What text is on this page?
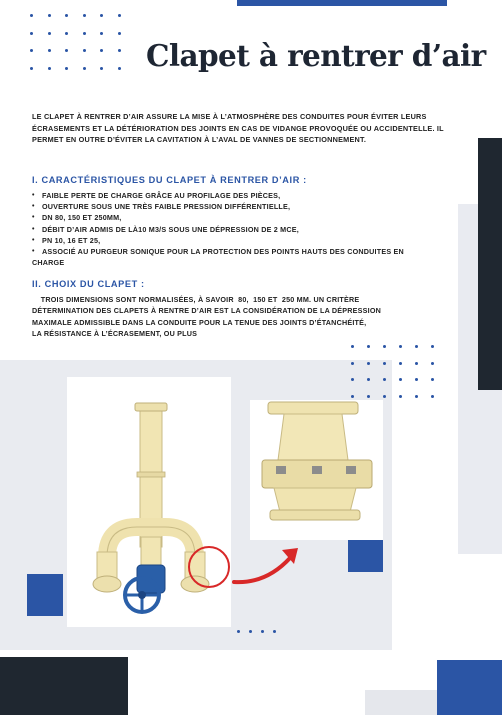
Clapet à rentrer d’air
LE CLAPET À RENTRER D’AIR ASSURE LA MISE À L’ATMOSPHÈRE DES CONDUITES POUR ÉVITER LEURS ÉCRASEMENTS ET LA DÉTÉRIORATION DES JOINTS EN CAS DE VIDANGE PROVOQUÉE OU ACCIDENTELLE. IL PERMET EN OUTRE D’ÉVITER LA CAVITATION À L’AVAL DE VANNES DE SECTIONNEMENT.
I. CARACTÉRISTIQUES DU CLAPET À RENTRER D’AIR :
• FAIBLE PERTE DE CHARGE GRÂCE AU PROFILAGE DES PIÈCES,
• OUVERTURE SOUS UNE TRÈS FAIBLE PRESSION DIFFÉRENTIELLE,
• DN 80, 150 ET 250MM,
• DÉBIT D’AIR ADMIS DE LÀ10 M3/S SOUS UNE DÉPRESSION DE 2 MCE,
• PN 10, 16 ET 25,
• ASSOCIÉ AU PURGEUR SONIQUE POUR LA PROTECTION DES POINTS HAUTS DES CONDUITES EN
CHARGE
II. CHOIX DU CLAPET :
TROIS DIMENSIONS SONT NORMALISÉES, À SAVOIR  80,  150 ET  250 MM. UN CRITÈRE
DÉTERMINATION DES CLAPETS À RENTRE D’AIR EST LA CONSIDÉRATION DE LA DÉPRESSION
MAXIMALE ADMISSIBLE DANS LA CONDUITE POUR LA TENUE DES JOINTS D’ÉTANCHÉITÉ,
LA RÉSISTANCE À L’ÉCRASEMENT, OU PLUS
